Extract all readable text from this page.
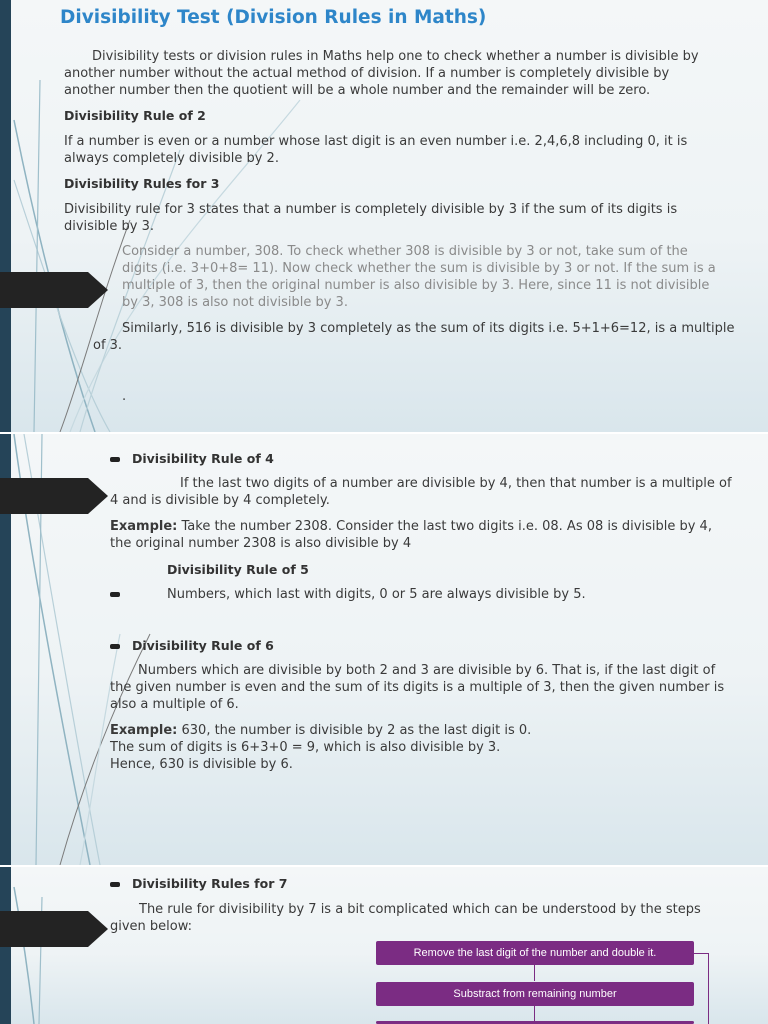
Divisibility Test (Division Rules in Maths)

Divisibility tests or division rules in Maths help one to check whether a number is divisible by

another number without the actual method of division. If a number is completely divisible by

another number then the quotient will be a whole number and the remainder will be zero.

Divisibility Rule of 2

If a number is even or a number whose last digit is an even number i.e. 2,4,6,8 including 0, it is

always completely divisible by 2.

Divisibility Rules for 3

Divisibility rule for 3 states that a number is completely divisible by 3 if the sum of its digits is

divisible by 3.

Consider a number, 308. To check whether 308 is divisible by 3 or not, take sum of the

digits (i.e. 3+0+8= 11). Now check whether the sum is divisible by 3 or not. If the sum is a

multiple of 3, then the original number is also divisible by 3. Here, since 11 is not divisible

by 3, 308 is also not divisible by 3.

Similarly, 516 is divisible by 3 completely as the sum of its digits i.e. 5+1+6=12, is a multiple

of 3.

.

Divisibility Rule of 4

If the last two digits of a number are divisible by 4, then that number is a multiple of

4 and is divisible by 4 completely.

Example: Take the number 2308. Consider the last two digits i.e. 08. As 08 is divisible by 4,

the original number 2308 is also divisible by 4

Divisibility Rule of 5

Numbers, which last with digits, 0 or 5 are always divisible by 5.

Divisibility Rule of 6

Numbers which are divisible by both 2 and 3 are divisible by 6. That is, if the last digit of

the given number is even and the sum of its digits is a multiple of 3, then the given number is

also a multiple of 6.

Example: 630, the number is divisible by 2 as the last digit is 0.

The sum of digits is 6+3+0 = 9, which is also divisible by 3.

Hence, 630 is divisible by 6.

Divisibility Rules for 7

The rule for divisibility by 7 is a bit complicated which can be understood by the steps

given below:

Remove the last digit of the number and double it.
Substract from remaining number
